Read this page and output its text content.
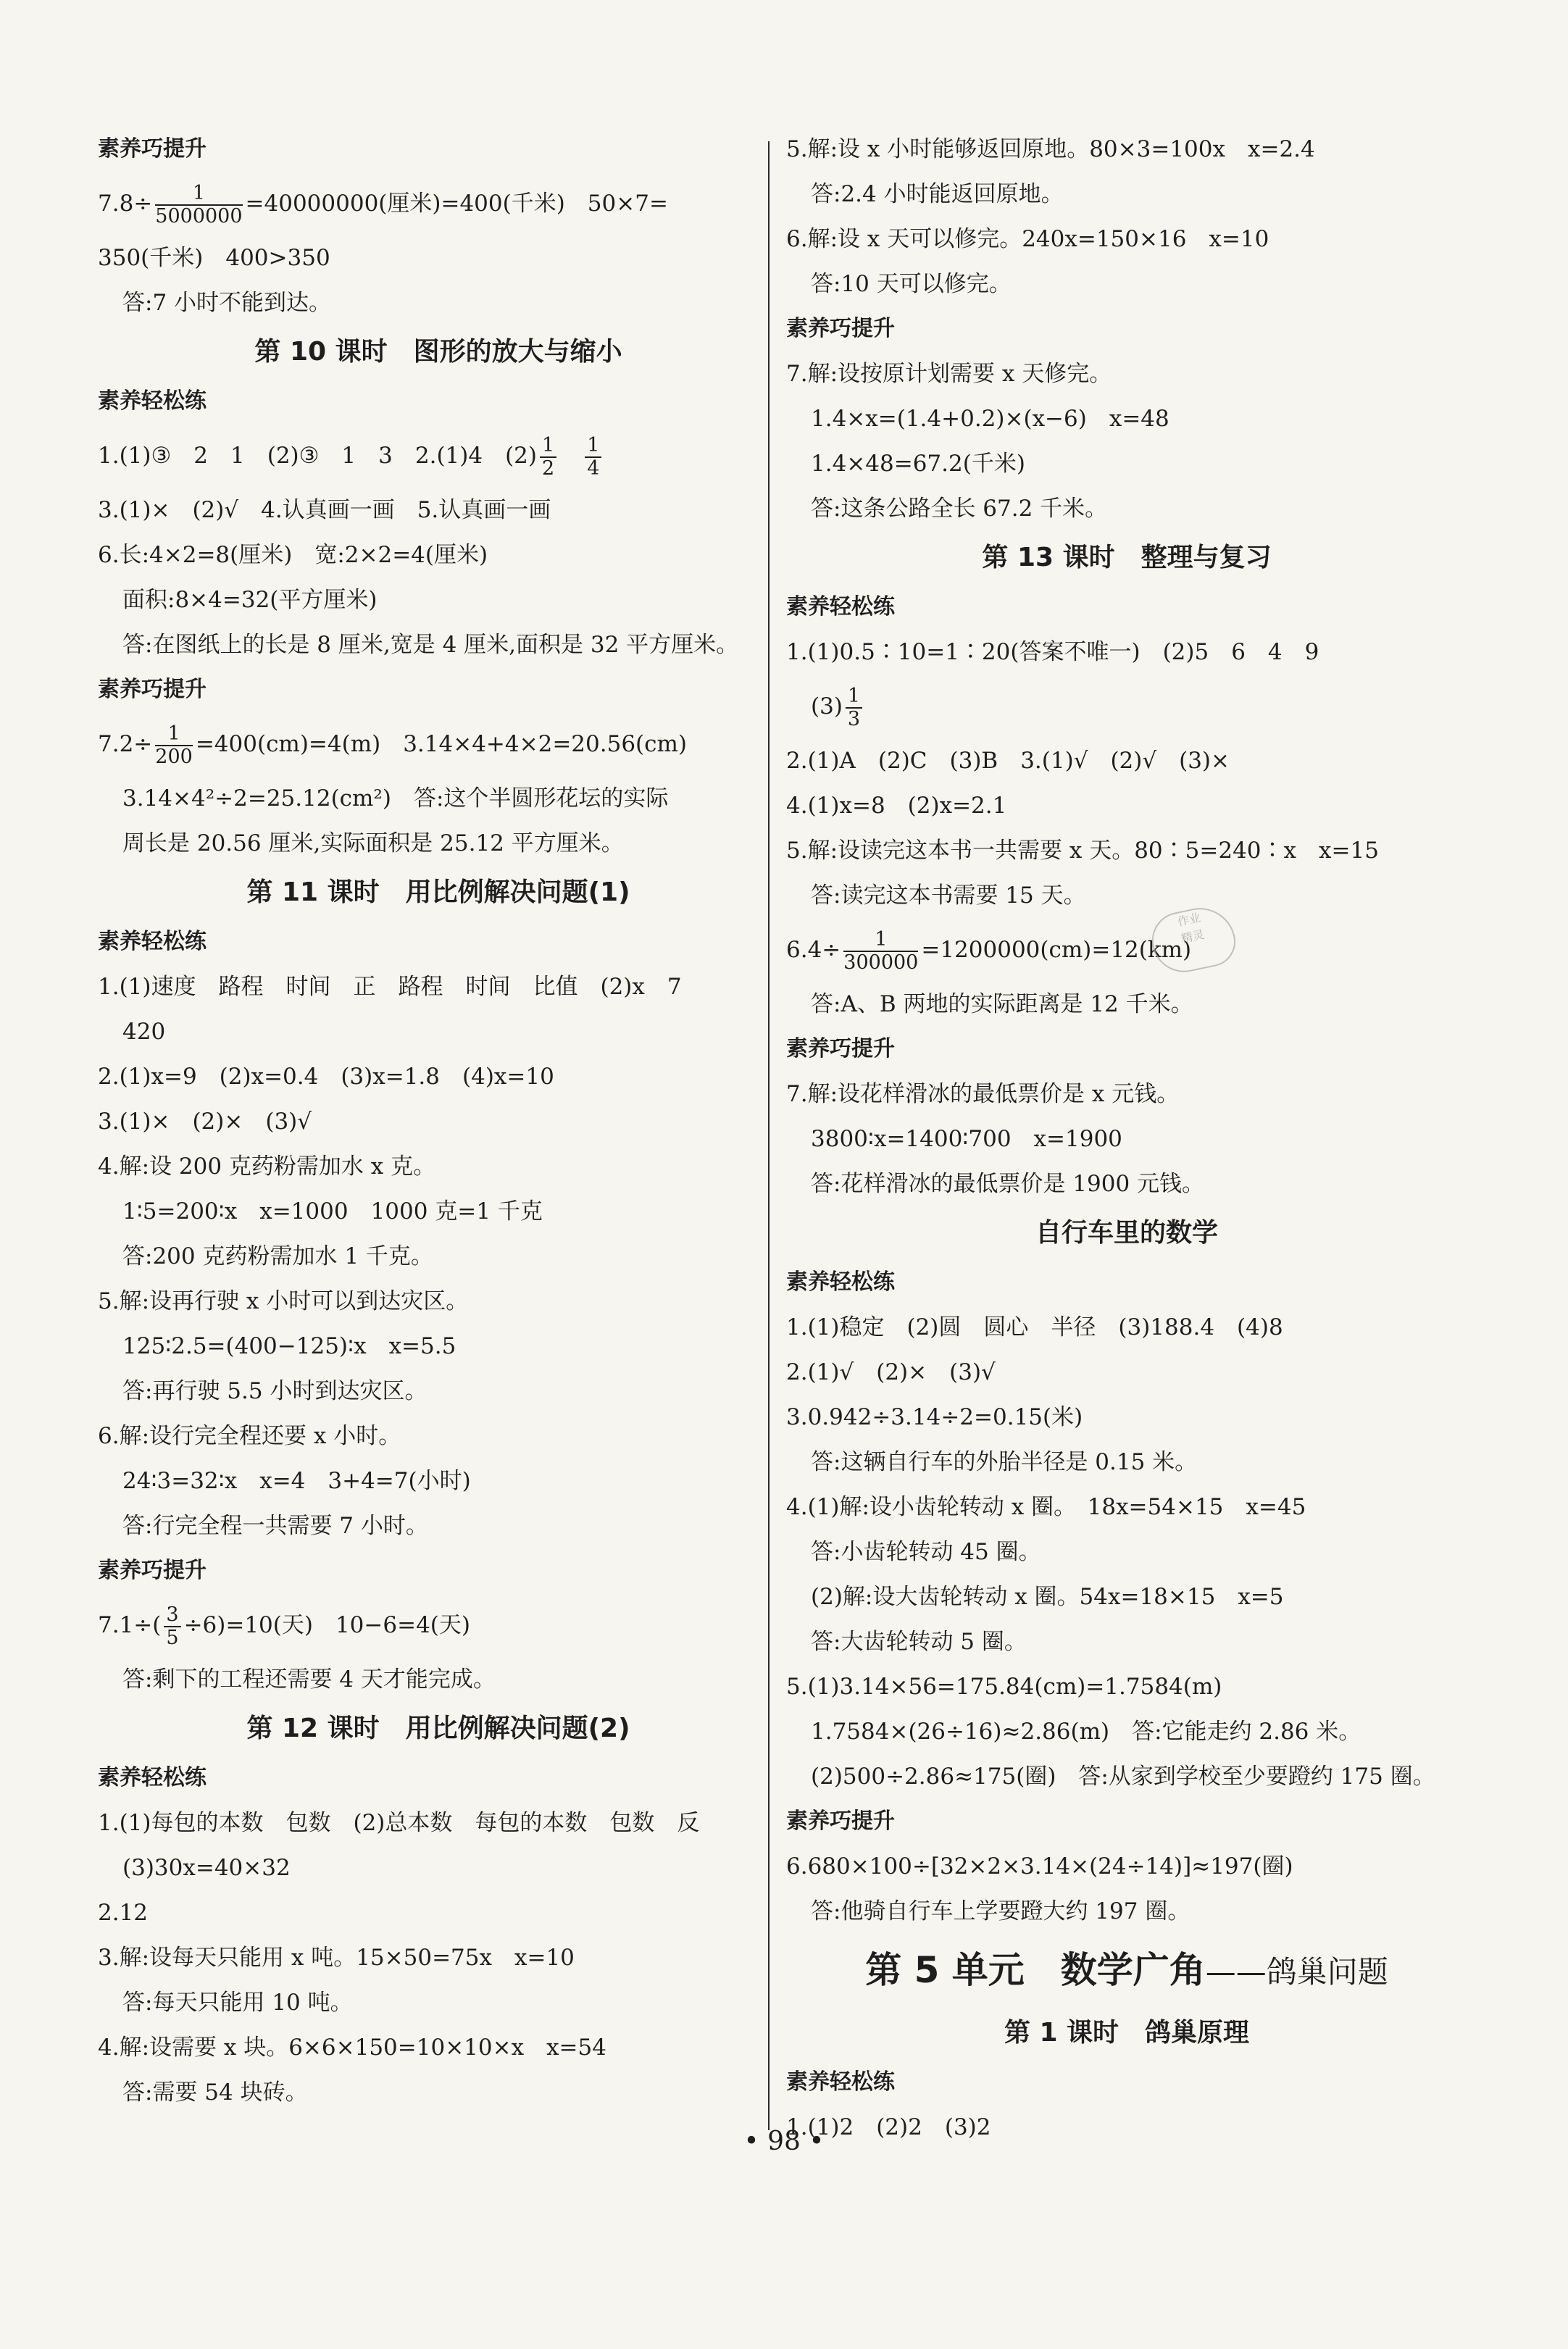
素养巧提升
$7.8\div \frac{1}{5000000} =40000000$(厘米)=400(千米)　50×7=
350(千米)　400>350
答:7 小时不能到达。
第 10 课时　图形的放大与缩小
素养轻松练
1.(1)③　2　1　(2)③　1　3　2.(1)4　$(2) \frac{1}{2}$
　 $\frac{1}{4}$
3.(1)×　(2)√　4.认真画一画　5.认真画一画
6.长:4×2=8(厘米)　宽:2×2=4(厘米)
面积:8×4=32(平方厘米)
答:在图纸上的长是 8 厘米,宽是 4 厘米,面积是 32 平方厘米。
素养巧提升
$7.2\div \frac{1}{200} =400(cm)=4(m)$　3.14×4+4×2=20.56(cm)
3.14×4²÷2=25.12(cm²)　答:这个半圆形花坛的实际
周长是 20.56 厘米,实际面积是 25.12 平方厘米。
第 11 课时　用比例解决问题(1)
素养轻松练
1.(1)速度　路程　时间　正　路程　时间　比值　(2)x　7
420
2.(1)x=9　(2)x=0.4　(3)x=1.8　(4)x=10
3.(1)×　(2)×　(3)√
4.解:设 200 克药粉需加水 x 克。
1∶5=200∶x　x=1000　1000 克=1 千克
答:200 克药粉需加水 1 千克。
5.解:设再行驶 x 小时可以到达灾区。
125∶2.5=(400−125)∶x　x=5.5
答:再行驶 5.5 小时到达灾区。
6.解:设行完全程还要 x 小时。
24∶3=32∶x　x=4　3+4=7(小时)
答:行完全程一共需要 7 小时。
素养巧提升
$7.1\div( \frac{3}{5} \div 6)=10$(天)　10−6=4(天)
答:剩下的工程还需要 4 天才能完成。
第 12 课时　用比例解决问题(2)
素养轻松练
1.(1)每包的本数　包数　(2)总本数　每包的本数　包数　反
(3)30x=40×32
2.12
3.解:设每天只能用 x 吨。15×50=75x　x=10
答:每天只能用 10 吨。
4.解:设需要 x 块。6×6×150=10×10×x　x=54
答:需要 54 块砖。
5.解:设 x 小时能够返回原地。80×3=100x　x=2.4
答:2.4 小时能返回原地。
6.解:设 x 天可以修完。240x=150×16　x=10
答:10 天可以修完。
素养巧提升
7.解:设按原计划需要 x 天修完。
1.4×x=(1.4+0.2)×(x−6)　x=48
1.4×48=67.2(千米)
答:这条公路全长 67.2 千米。
第 13 课时　整理与复习
素养轻松练
1.(1)0.5∶10=1∶20(答案不唯一)　(2)5　6　4　9
$(3) \frac{1}{3}$
2.(1)A　(2)C　(3)B　3.(1)√　(2)√　(3)×
4.(1)x=8　(2)x=2.1
5.解:设读完这本书一共需要 x 天。80∶5=240∶x　x=15
答:读完这本书需要 15 天。
$6.4\div \frac{1}{300000} =1200000(cm)=12(km)$
答:A、B 两地的实际距离是 12 千米。
素养巧提升
7.解:设花样滑冰的最低票价是 x 元钱。
3800∶x=1400∶700　x=1900
答:花样滑冰的最低票价是 1900 元钱。
自行车里的数学
素养轻松练
1.(1)稳定　(2)圆　圆心　半径　(3)188.4　(4)8
2.(1)√　(2)×　(3)√
3.0.942÷3.14÷2=0.15(米)
答:这辆自行车的外胎半径是 0.15 米。
4.(1)解:设小齿轮转动 x 圈。　18x=54×15　x=45
答:小齿轮转动 45 圈。
(2)解:设大齿轮转动 x 圈。54x=18×15　x=5
答:大齿轮转动 5 圈。
5.(1)3.14×56=175.84(cm)=1.7584(m)
1.7584×(26÷16)≈2.86(m)　答:它能走约 2.86 米。
(2)500÷2.86≈175(圈)　答:从家到学校至少要蹬约 175 圈。
素养巧提升
6.680×100÷[32×2×3.14×(24÷14)]≈197(圈)
答:他骑自行车上学要蹬大约 197 圈。
第 5 单元　数学广角——鸽巢问题
第 1 课时　鸽巢原理
素养轻松练
1.(1)2　(2)2　(3)2
作业
精灵
• 98 •
